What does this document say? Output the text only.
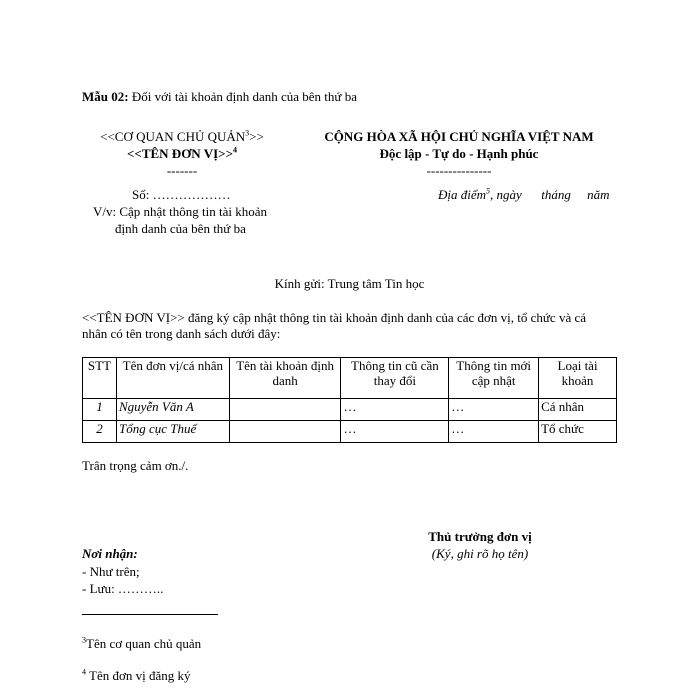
Mẫu 02: Đối với tài khoản định danh của bên thứ ba
<<CƠ QUAN CHỦ QUẢN$^3$>>
<<TÊN ĐƠN VỊ>>$^4$
-------
Số: ………………
V/v: Cập nhật thông tin tài khoản
định danh của bên thứ ba
CỘNG HÒA XÃ HỘI CHỦ NGHĨA VIỆT NAM
Độc lập - Tự do - Hạnh phúc
---------------
Địa điểm$^5$, ngày      tháng     năm
Kính gửi: Trung tâm Tin học
<<TÊN ĐƠN VỊ>> đăng ký cập nhật thông tin tài khoản định danh của các đơn vị, tổ chức và cá
nhân có tên trong danh sách dưới đây:
STT	Tên đơn vị/cá nhân	Tên tài khoản định danh	Thông tin cũ cần thay đổi	Thông tin mới cập nhật	Loại tài khoản
1	Nguyễn Văn A		…	…	Cá nhân
2	Tổng cục Thuế		…	…	Tổ chức
Trân trọng cảm ơn./.
Thủ trưởng đơn vị
(Ký, ghi rõ họ tên)
Nơi nhận:
- Như trên;
- Lưu: ………..
$^3$Tên cơ quan chủ quản
$^4$ Tên đơn vị đăng ký
